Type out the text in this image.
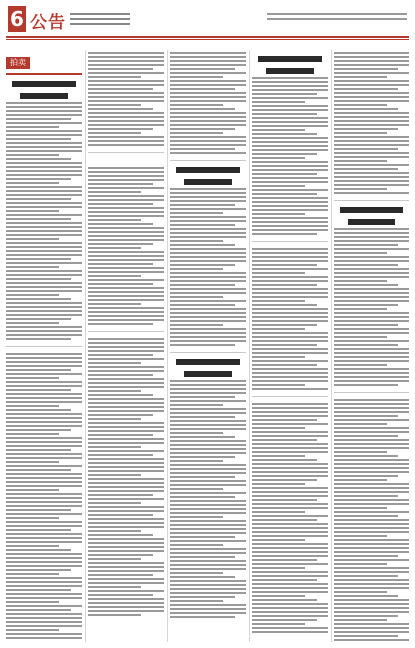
6 公告
拍卖
